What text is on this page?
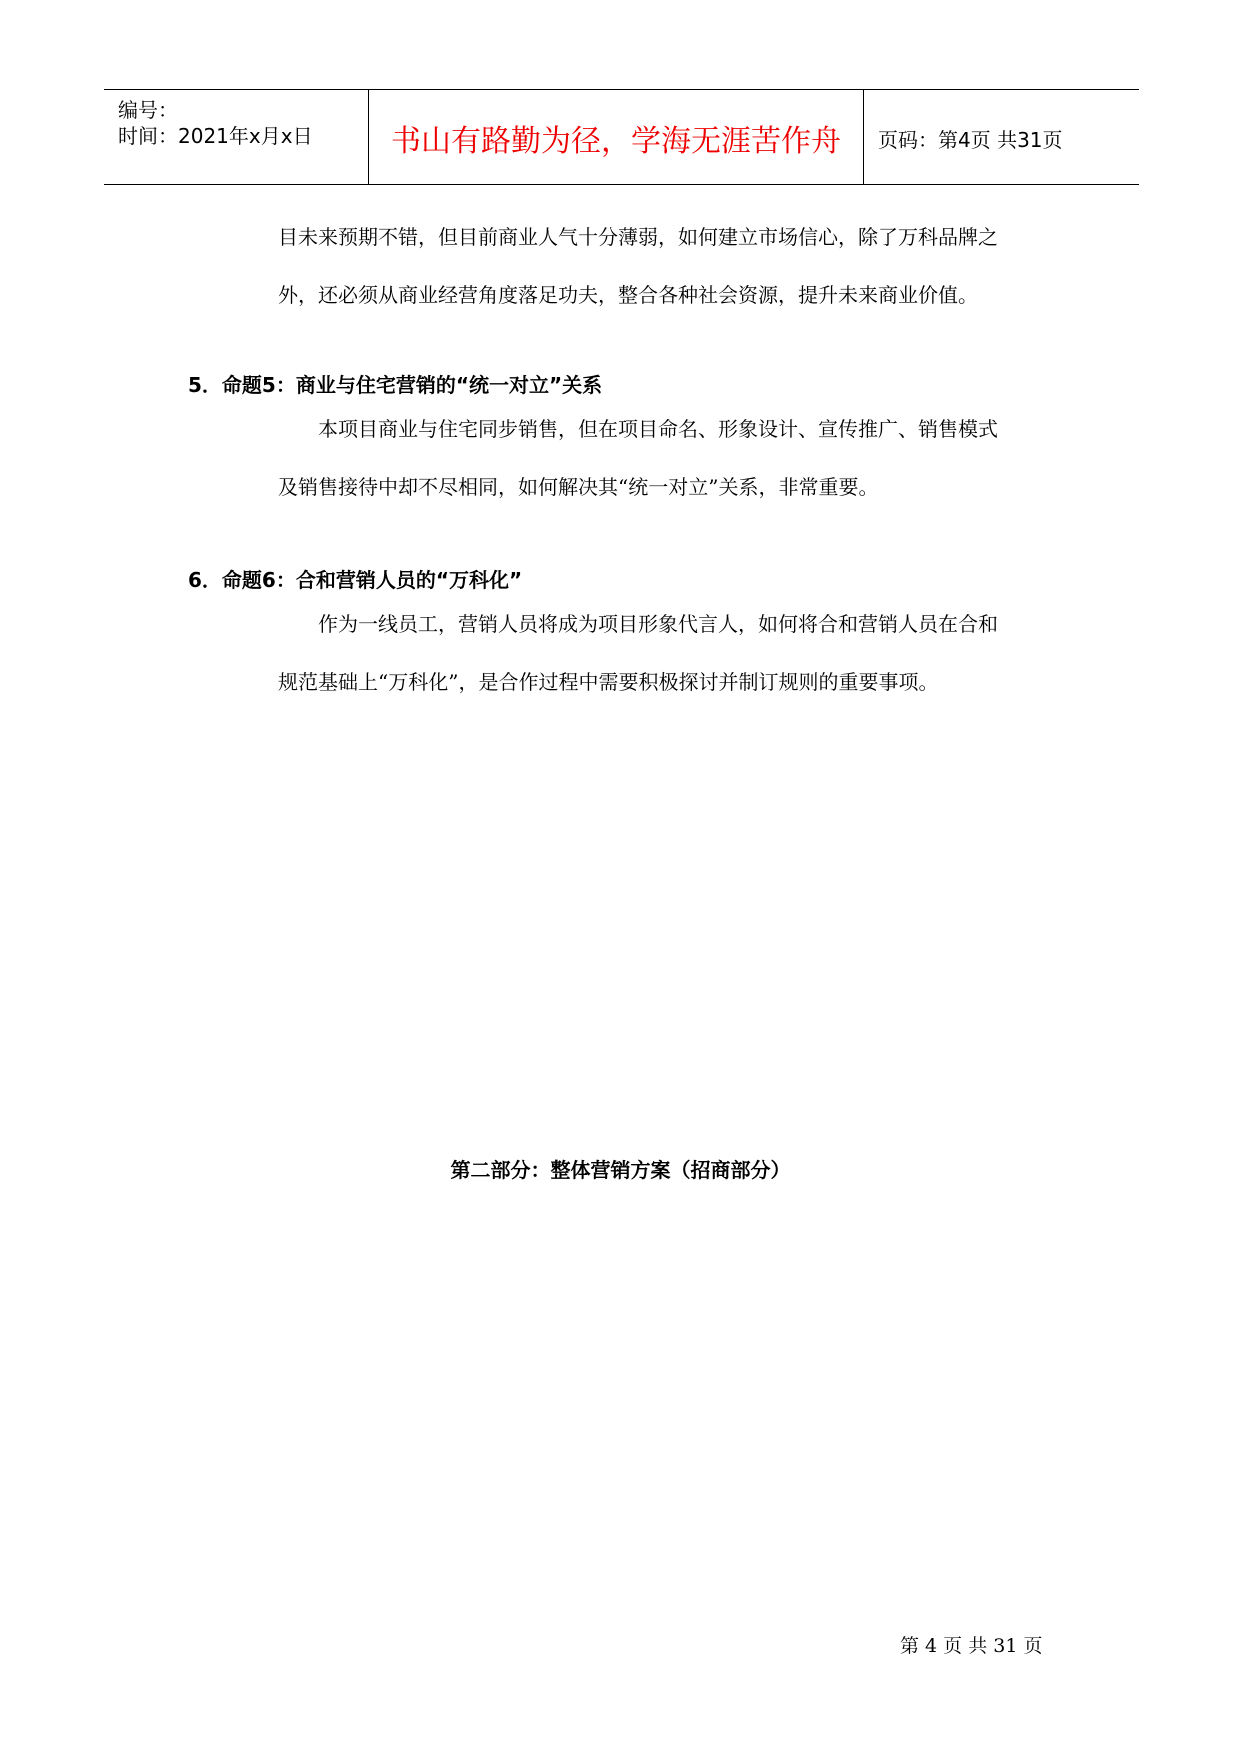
编号：
时间：2021年x月x日	书山有路勤为径，学海无涯苦作舟	页码：第4页 共31页
目未来预期不错，但目前商业人气十分薄弱，如何建立市场信心，除了万科品牌之
外，还必须从商业经营角度落足功夫，整合各种社会资源，提升未来商业价值。
5．命题5：商业与住宅营销的“统一对立”关系
　　本项目商业与住宅同步销售，但在项目命名、形象设计、宣传推广、销售模式
及销售接待中却不尽相同，如何解决其“统一对立”关系，非常重要。
6．命题6：合和营销人员的“万科化”
　　作为一线员工，营销人员将成为项目形象代言人，如何将合和营销人员在合和
规范基础上“万科化”，是合作过程中需要积极探讨并制订规则的重要事项。
第二部分：整体营销方案（招商部分）
第 4 页 共 31 页
